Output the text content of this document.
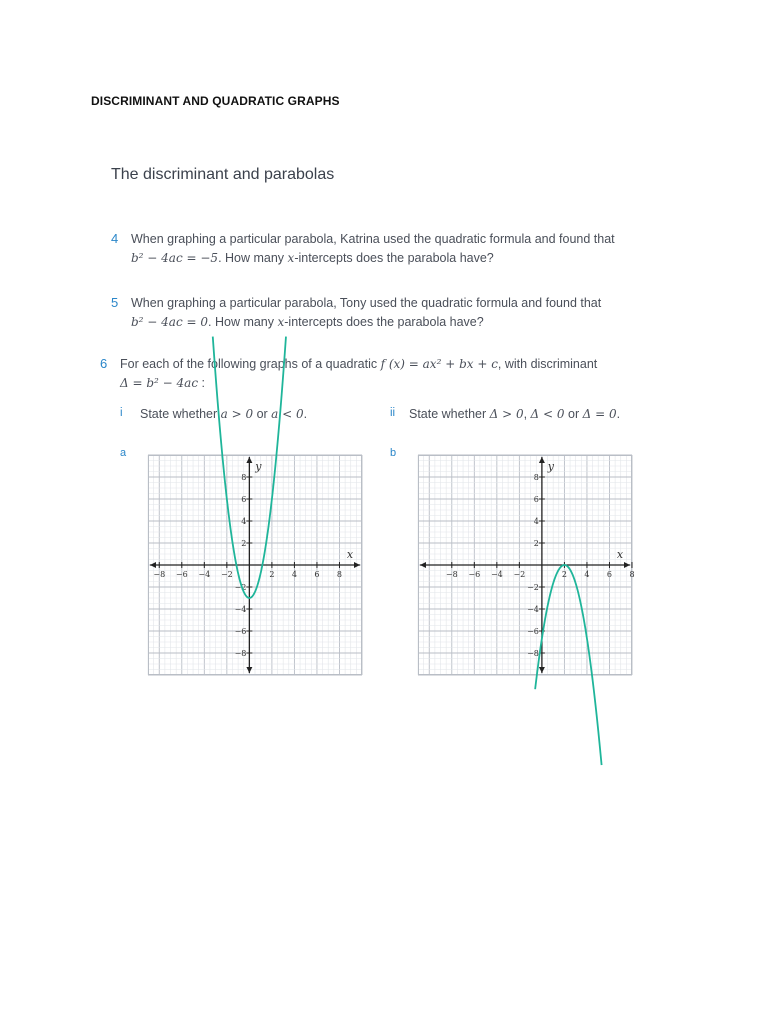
DISCRIMINANT AND QUADRATIC GRAPHS
The discriminant and parabolas
4 When graphing a particular parabola, Katrina used the quadratic formula and found that
b² − 4ac = −5. How many x-intercepts does the parabola have?
5 When graphing a particular parabola, Tony used the quadratic formula and found that
b² − 4ac = 0. How many x-intercepts does the parabola have?
6 For each of the following graphs of a quadratic f (x) = ax² + bx + c, with discriminant
Δ = b² − 4ac :
i State whether a > 0 or a < 0.	ii State whether Δ > 0, Δ < 0 or Δ = 0.
a	b
x
y
−8 −6 −4 −2	2 4 6 8
8
6
4
2
−2
−4
−6
−8
x
y
−8 −6 −4 −2	2 4 6 8
8
6
4
2
−2
−4
−6
−8
